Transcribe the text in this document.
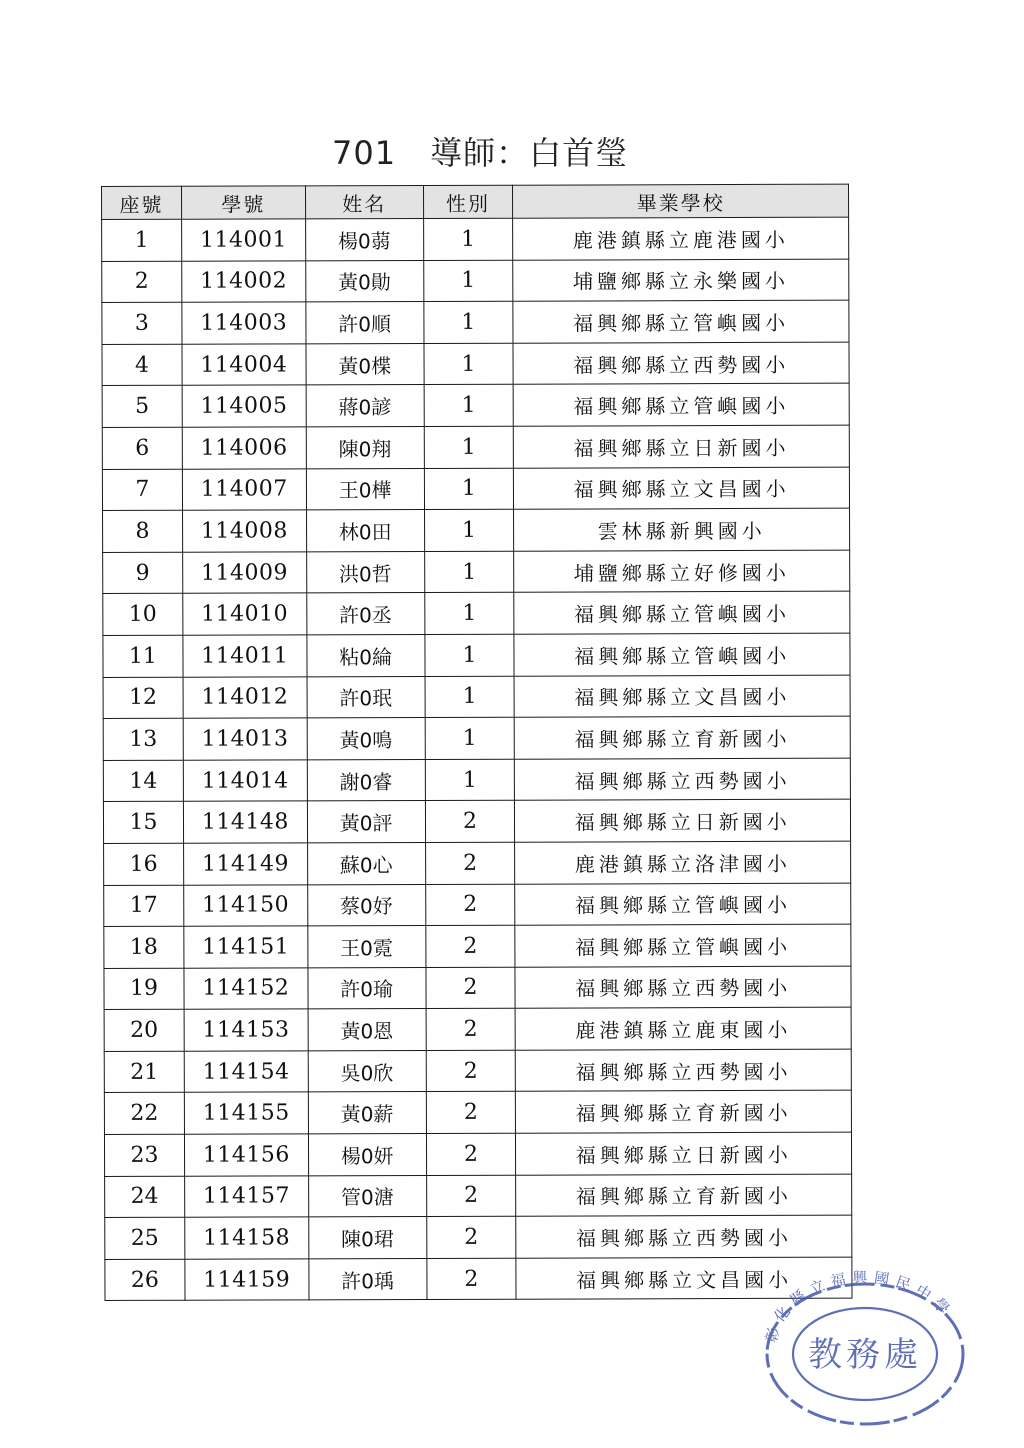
701 導師：白首瑩
座號	學號	姓名	性別	畢業學校
1	114001	楊0蒻	1	鹿港鎮縣立鹿港國小
2	114002	黃0勛	1	埔鹽鄉縣立永樂國小
3	114003	許0順	1	福興鄉縣立管嶼國小
4	114004	黃0楪	1	福興鄉縣立西勢國小
5	114005	蔣0諺	1	福興鄉縣立管嶼國小
6	114006	陳0翔	1	福興鄉縣立日新國小
7	114007	王0樺	1	福興鄉縣立文昌國小
8	114008	林0田	1	雲林縣新興國小
9	114009	洪0哲	1	埔鹽鄉縣立好修國小
10	114010	許0丞	1	福興鄉縣立管嶼國小
11	114011	粘0綸	1	福興鄉縣立管嶼國小
12	114012	許0珉	1	福興鄉縣立文昌國小
13	114013	黃0鳴	1	福興鄉縣立育新國小
14	114014	謝0睿	1	福興鄉縣立西勢國小
15	114148	黃0評	2	福興鄉縣立日新國小
16	114149	蘇0心	2	鹿港鎮縣立洛津國小
17	114150	蔡0妤	2	福興鄉縣立管嶼國小
18	114151	王0霓	2	福興鄉縣立管嶼國小
19	114152	許0瑜	2	福興鄉縣立西勢國小
20	114153	黃0恩	2	鹿港鎮縣立鹿東國小
21	114154	吳0欣	2	福興鄉縣立西勢國小
22	114155	黃0薪	2	福興鄉縣立育新國小
23	114156	楊0妍	2	福興鄉縣立日新國小
24	114157	管0溏	2	福興鄉縣立育新國小
25	114158	陳0珺	2	福興鄉縣立西勢國小
26	114159	許0瑀	2	福興鄉縣立文昌國小
彰化縣立福興國民中學
教務處
